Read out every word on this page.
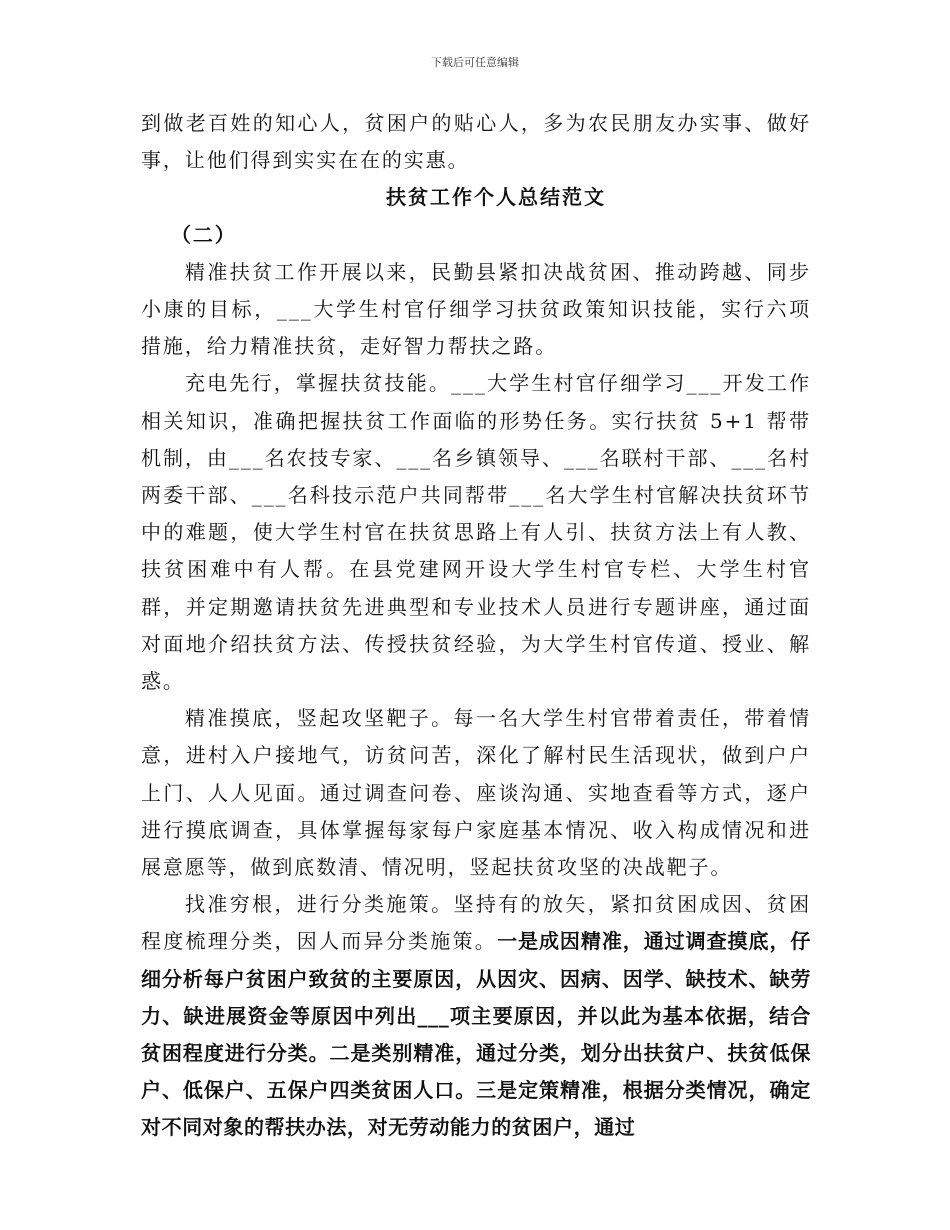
下载后可任意编辑

到做老百姓的知心人，贫困户的贴心人，多为农民朋友办实事、做好事，让他们得到实实在在的实惠。

扶贫工作个人总结范文

（二）

精准扶贫工作开展以来，民勤县紧扣决战贫困、推动跨越、同步小康的目标，___大学生村官仔细学习扶贫政策知识技能，实行六项措施，给力精准扶贫，走好智力帮扶之路。

充电先行，掌握扶贫技能。___大学生村官仔细学习___开发工作相关知识，准确把握扶贫工作面临的形势任务。实行扶贫 5+1 帮带机制，由___名农技专家、___名乡镇领导、___名联村干部、___名村两委干部、___名科技示范户共同帮带___名大学生村官解决扶贫环节中的难题，使大学生村官在扶贫思路上有人引、扶贫方法上有人教、扶贫困难中有人帮。在县党建网开设大学生村官专栏、大学生村官群，并定期邀请扶贫先进典型和专业技术人员进行专题讲座，通过面对面地介绍扶贫方法、传授扶贫经验，为大学生村官传道、授业、解惑。

精准摸底，竖起攻坚靶子。每一名大学生村官带着责任，带着情意，进村入户接地气，访贫问苦，深化了解村民生活现状，做到户户上门、人人见面。通过调查问卷、座谈沟通、实地查看等方式，逐户进行摸底调查，具体掌握每家每户家庭基本情况、收入构成情况和进展意愿等，做到底数清、情况明，竖起扶贫攻坚的决战靶子。

找准穷根，进行分类施策。坚持有的放矢，紧扣贫困成因、贫困程度梳理分类，因人而异分类施策。一是成因精准，通过调查摸底，仔细分析每户贫困户致贫的主要原因，从因灾、因病、因学、缺技术、缺劳力、缺进展资金等原因中列出___项主要原因，并以此为基本依据，结合贫困程度进行分类。二是类别精准，通过分类，划分出扶贫户、扶贫低保户、低保户、五保户四类贫困人口。三是定策精准，根据分类情况，确定对不同对象的帮扶办法，对无劳动能力的贫困户，通过
